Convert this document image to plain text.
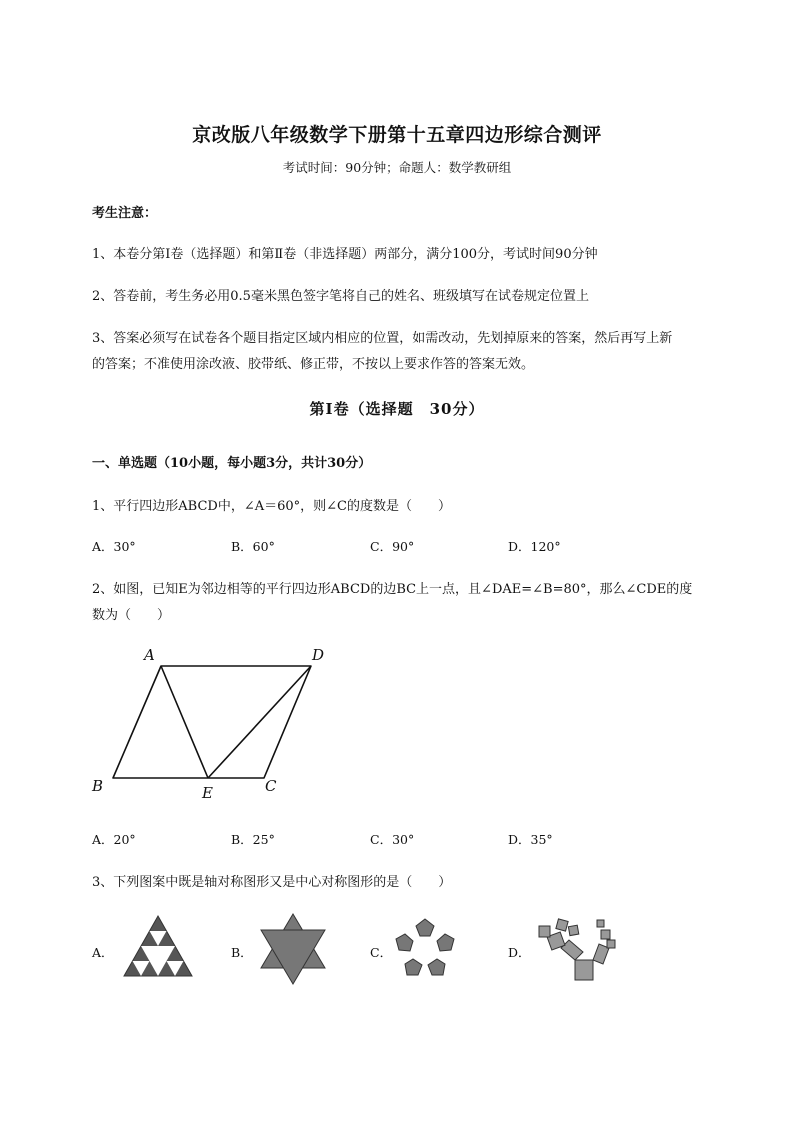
京改版八年级数学下册第十五章四边形综合测评
考试时间：90分钟；命题人：数学教研组
考生注意：
1、本卷分第I卷（选择题）和第Ⅱ卷（非选择题）两部分，满分100分，考试时间90分钟
2、答卷前，考生务必用0.5毫米黑色签字笔将自己的姓名、班级填写在试卷规定位置上
3、答案必须写在试卷各个题目指定区域内相应的位置，如需改动，先划掉原来的答案，然后再写上新
的答案；不准使用涂改液、胶带纸、修正带，不按以上要求作答的答案无效。
第I卷（选择题　30分）
一、单选题（10小题，每小题3分，共计30分）
1、平行四边形ABCD中，∠A＝60°，则∠C的度数是（　　）
A．30°	B．60°	C．90°	D．120°
2、如图，已知E为邻边相等的平行四边形ABCD的边BC上一点，且∠DAE=∠B=80°，那么∠CDE的度
数为（　　）
A	D
B	E	C
A．20°	B．25°	C．30°	D．35°
3、下列图案中既是轴对称图形又是中心对称图形的是（　　）
A．	B．	C．	D．
